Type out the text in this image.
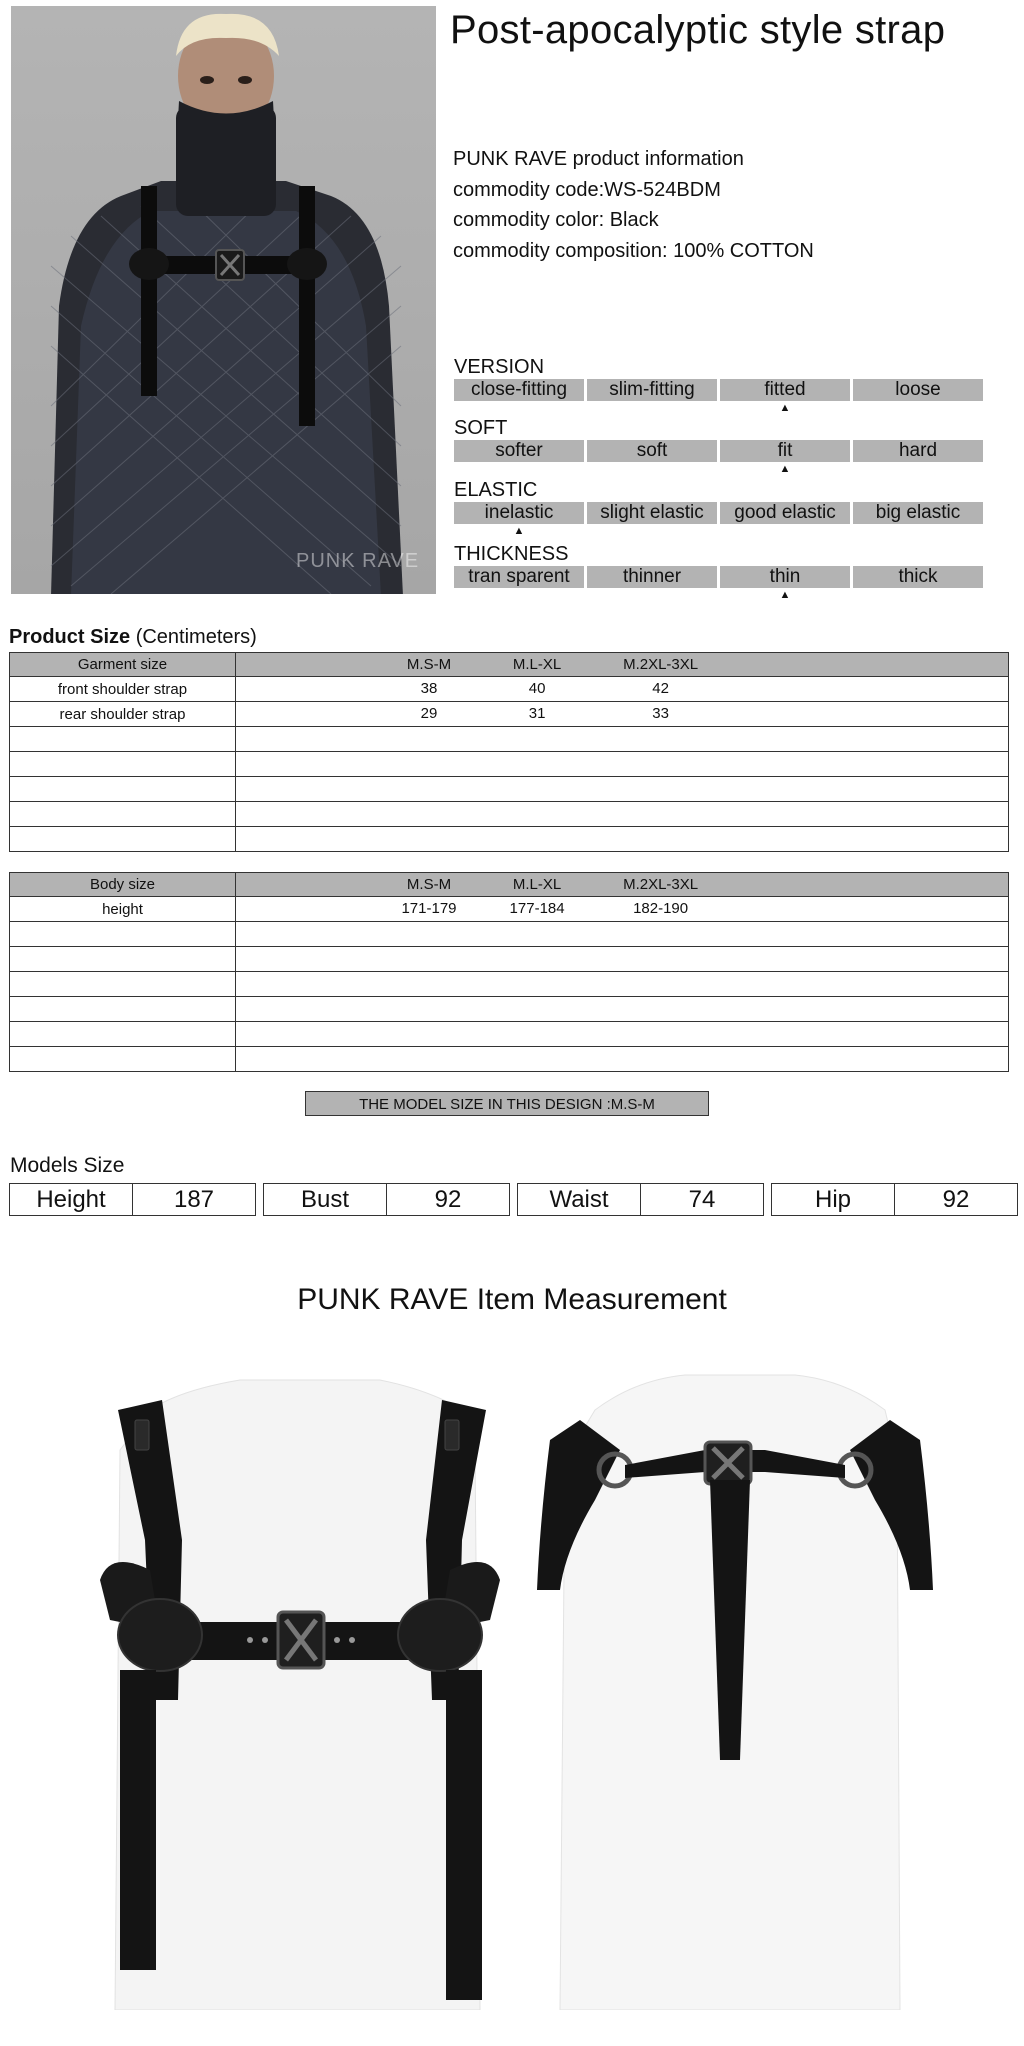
PUNK RAVE
Post-apocalyptic style strap
PUNK RAVE product information
commodity code:WS-524BDM
commodity color: Black
commodity composition: 100% COTTON
VERSION
close-fitting	slim-fitting	fitted	loose
▲
SOFT
softer	soft	fit	hard
▲
ELASTIC
inelastic	slight elastic	good elastic	big elastic
▲
THICKNESS
tran sparent	thinner	thin	thick
▲
Product Size (Centimeters)
Garment size	M.S-M M.L-XL M.2XL-3XL

front shoulder strap	38 40 42

rear shoulder strap	29 31 33

Body size	M.S-M M.L-XL M.2XL-3XL

height	171-179 177-184 182-190

THE MODEL SIZE IN THIS DESIGN :M.S-M
Models Size
Height	187	Bust	92	Waist	74	Hip	92
PUNK RAVE Item Measurement
